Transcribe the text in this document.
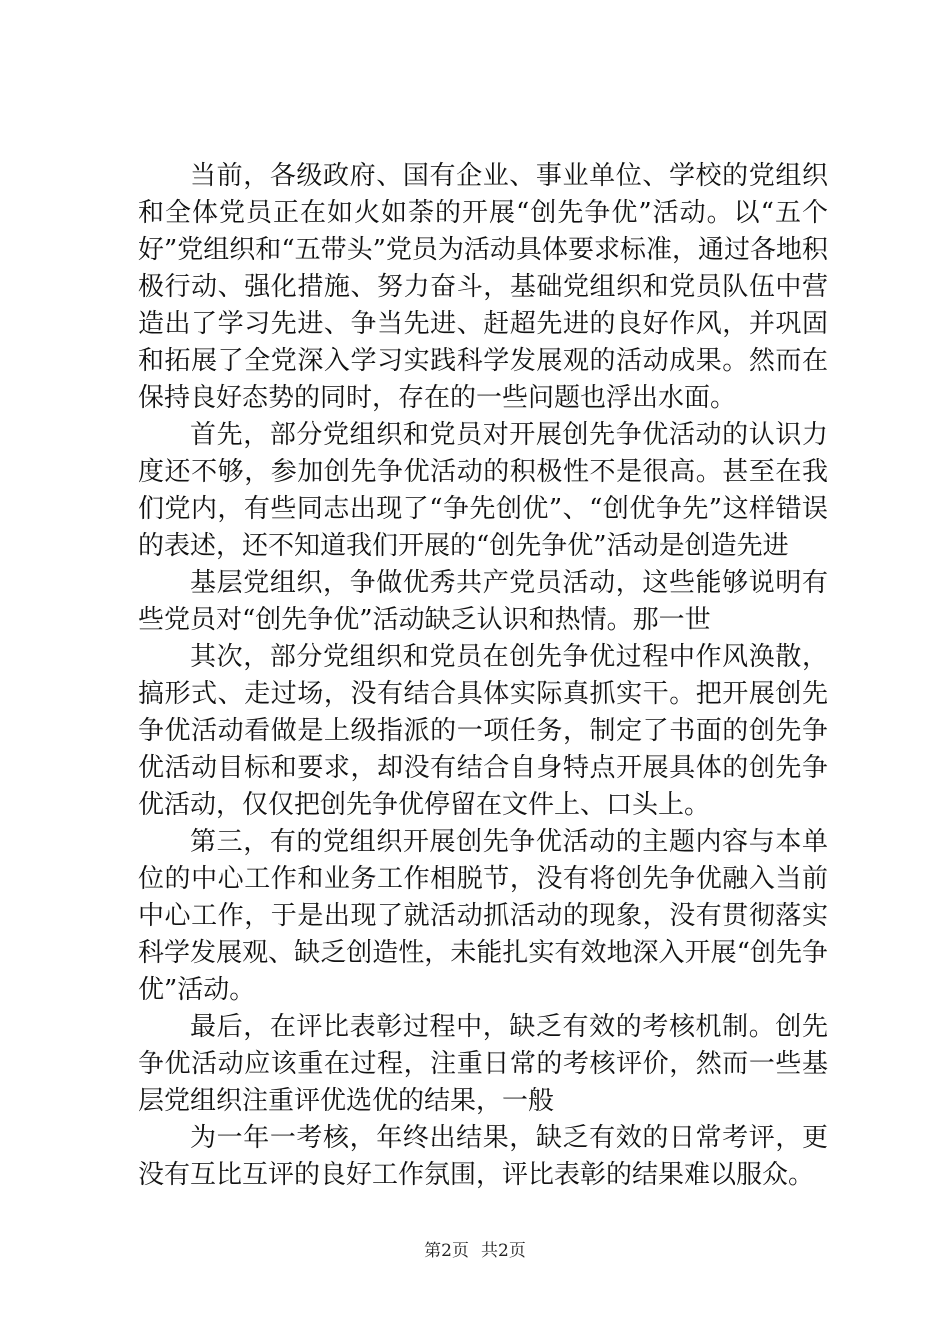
当前，各级政府、国有企业、事业单位、学校的党组织和全体党员正在如火如荼的开展“创先争优”活动。以“五个好”党组织和“五带头”党员为活动具体要求标准，通过各地积极行动、强化措施、努力奋斗，基础党组织和党员队伍中营造出了学习先进、争当先进、赶超先进的良好作风，并巩固和拓展了全党深入学习实践科学发展观的活动成果。然而在保持良好态势的同时，存在的一些问题也浮出水面。

首先，部分党组织和党员对开展创先争优活动的认识力度还不够，参加创先争优活动的积极性不是很高。甚至在我们党内，有些同志出现了“争先创优”、“创优争先”这样错误的表述，还不知道我们开展的“创先争优”活动是创造先进

基层党组织，争做优秀共产党员活动，这些能够说明有些党员对“创先争优”活动缺乏认识和热情。那一世

其次，部分党组织和党员在创先争优过程中作风涣散，搞形式、走过场，没有结合具体实际真抓实干。把开展创先争优活动看做是上级指派的一项任务，制定了书面的创先争优活动目标和要求，却没有结合自身特点开展具体的创先争优活动，仅仅把创先争优停留在文件上、口头上。

第三，有的党组织开展创先争优活动的主题内容与本单位的中心工作和业务工作相脱节，没有将创先争优融入当前中心工作，于是出现了就活动抓活动的现象，没有贯彻落实科学发展观、缺乏创造性，未能扎实有效地深入开展“创先争优”活动。

最后，在评比表彰过程中，缺乏有效的考核机制。创先争优活动应该重在过程，注重日常的考核评价，然而一些基层党组织注重评优选优的结果，一般

为一年一考核，年终出结果，缺乏有效的日常考评，更没有互比互评的良好工作氛围，评比表彰的结果难以服众。

第2页 共2页
